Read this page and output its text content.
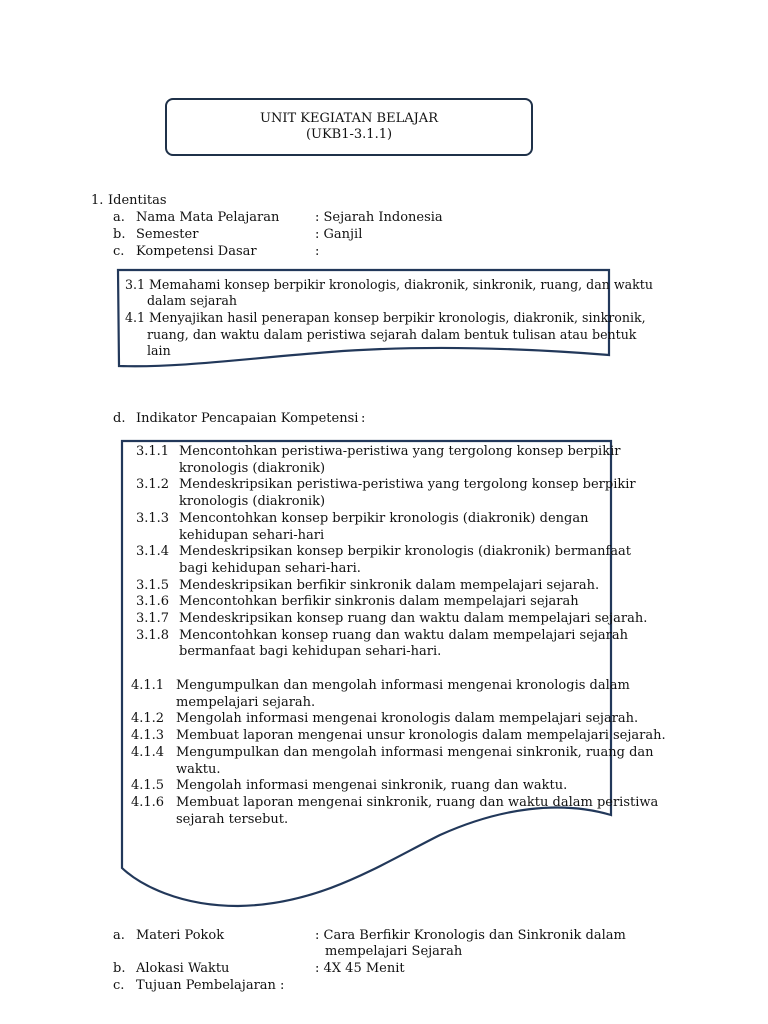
UNIT KEGIATAN BELAJAR
(UKB1-3.1.1)
1. Identitas
a. Nama Mata Pelajaran	: Sejarah Indonesia
b. Semester	: Ganjil
c. Kompetensi Dasar	:
3.1 Memahami konsep berpikir kronologis, diakronik, sinkronik, ruang, dan waktu
dalam sejarah
4.1 Menyajikan hasil penerapan konsep berpikir kronologis, diakronik, sinkronik,
ruang, dan waktu dalam peristiwa sejarah dalam bentuk tulisan atau bentuk
lain
d. Indikator Pencapaian Kompetensi :
3.1.1 Mencontohkan peristiwa-peristiwa yang tergolong konsep berpikir
kronologis (diakronik)
3.1.2 Mendeskripsikan peristiwa-peristiwa yang tergolong konsep berpikir
kronologis (diakronik)
3.1.3 Mencontohkan konsep berpikir kronologis (diakronik) dengan
kehidupan sehari-hari
3.1.4 Mendeskripsikan konsep berpikir kronologis (diakronik) bermanfaat
bagi kehidupan sehari-hari.
3.1.5 Mendeskripsikan berfikir sinkronik dalam mempelajari sejarah.
3.1.6 Mencontohkan berfikir sinkronis dalam mempelajari sejarah
3.1.7 Mendeskripsikan konsep ruang dan waktu dalam mempelajari sejarah.
3.1.8 Mencontohkan konsep ruang dan waktu dalam mempelajari sejarah
bermanfaat bagi kehidupan sehari-hari.
4.1.1 Mengumpulkan dan mengolah informasi mengenai kronologis dalam
mempelajari sejarah.
4.1.2 Mengolah informasi mengenai kronologis dalam mempelajari sejarah.
4.1.3 Membuat laporan mengenai unsur kronologis dalam mempelajari sejarah.
4.1.4 Mengumpulkan dan mengolah informasi mengenai sinkronik, ruang dan
waktu.
4.1.5 Mengolah informasi mengenai sinkronik, ruang dan waktu.
4.1.6 Membuat laporan mengenai sinkronik, ruang dan waktu dalam peristiwa
sejarah tersebut.
a. Materi Pokok	: Cara Berfikir Kronologis dan Sinkronik dalam
mempelajari Sejarah
b. Alokasi Waktu	: 4X 45 Menit
c. Tujuan Pembelajaran :
